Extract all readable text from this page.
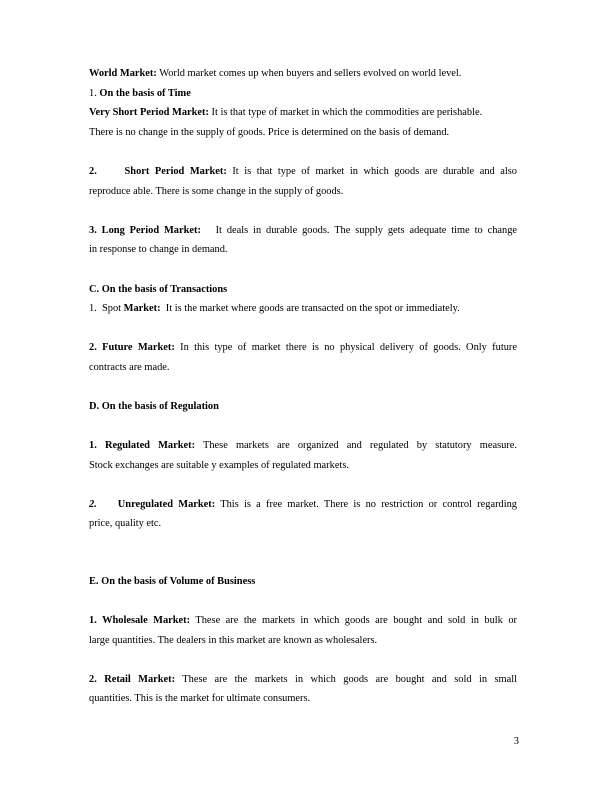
World Market: World market comes up when buyers and sellers evolved on world level.

1. On the basis of Time

Very Short Period Market: It is that type of market in which the commodities are perishable.

There is no change in the supply of goods. Price is determined on the basis of demand.

2.	Short Period Market: It is that type of market in which goods are durable and also

reproduce able. There is some change in the supply of goods.

3. Long Period Market:   It deals in durable goods. The supply gets adequate time to change

in response to change in demand.

C. On the basis of Transactions

1.  Spot Market:  It is the market where goods are transacted on the spot or immediately.

2. Future Market: In this type of market there is no physical delivery of goods. Only future

contracts are made.

D. On the basis of Regulation

1. Regulated Market: These markets are organized and regulated by statutory measure.

Stock exchanges are suitable y examples of regulated markets.

2. Unregulated Market: This is a free market. There is no restriction or control regarding

price, quality etc.

E. On the basis of Volume of Business

1. Wholesale Market: These are the markets in which goods are bought and sold in bulk or

large quantities. The dealers in this market are known as wholesalers.

2. Retail Market: These are the markets in which goods are bought and sold in small

quantities. This is the market for ultimate consumers.

3
